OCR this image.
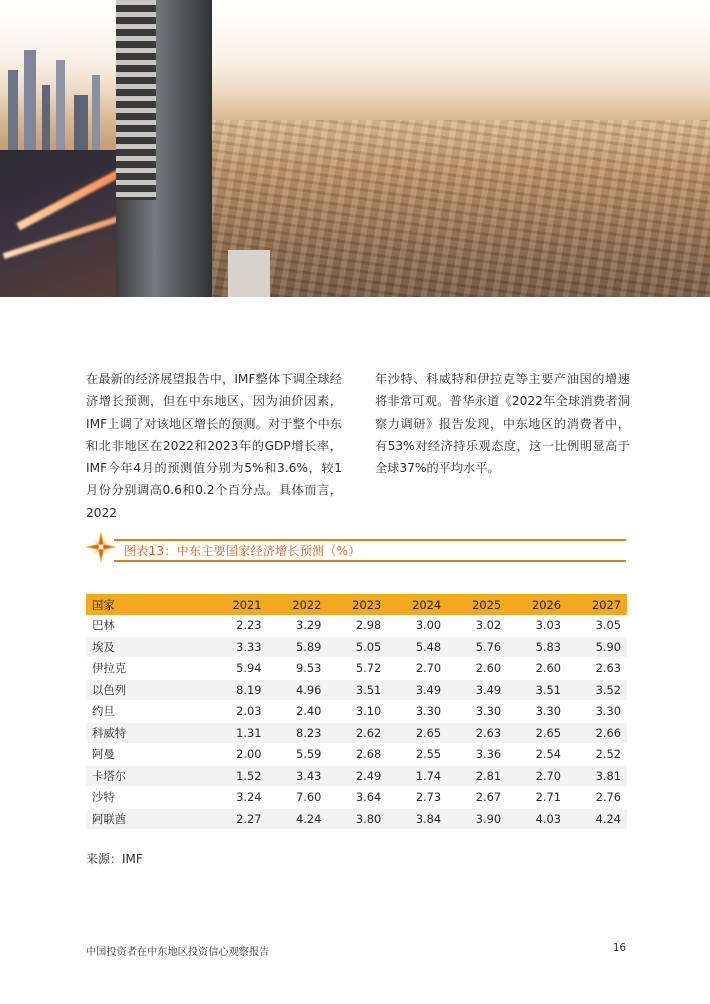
在最新的经济展望报告中，IMF整体下调全球经济增长预测，但在中东地区，因为油价因素，IMF上调了对该地区增长的预测。对于整个中东和北非地区在2022和2023年的GDP增长率，IMF今年4月的预测值分别为5%和3.6%，较1月份分别调高0.6和0.2个百分点。具体而言，2022

年沙特、科威特和伊拉克等主要产油国的增速将非常可观。普华永道《2022年全球消费者洞察力调研》报告发现，中东地区的消费者中，有53%对经济持乐观态度，这一比例明显高于全球37%的平均水平。

图表13：中东主要国家经济增长预测（%）
国家	2021	2022	2023	2024	2025	2026	2027
巴林	2.23	3.29	2.98	3.00	3.02	3.03	3.05
埃及	3.33	5.89	5.05	5.48	5.76	5.83	5.90
伊拉克	5.94	9.53	5.72	2.70	2.60	2.60	2.63
以色列	8.19	4.96	3.51	3.49	3.49	3.51	3.52
约旦	2.03	2.40	3.10	3.30	3.30	3.30	3.30
科威特	1.31	8.23	2.62	2.65	2.63	2.65	2.66
阿曼	2.00	5.59	2.68	2.55	3.36	2.54	2.52
卡塔尔	1.52	3.43	2.49	1.74	2.81	2.70	3.81
沙特	3.24	7.60	3.64	2.73	2.67	2.71	2.76
阿联酋	2.27	4.24	3.80	3.84	3.90	4.03	4.24
来源：IMF
中国投资者在中东地区投资信心观察报告	16
